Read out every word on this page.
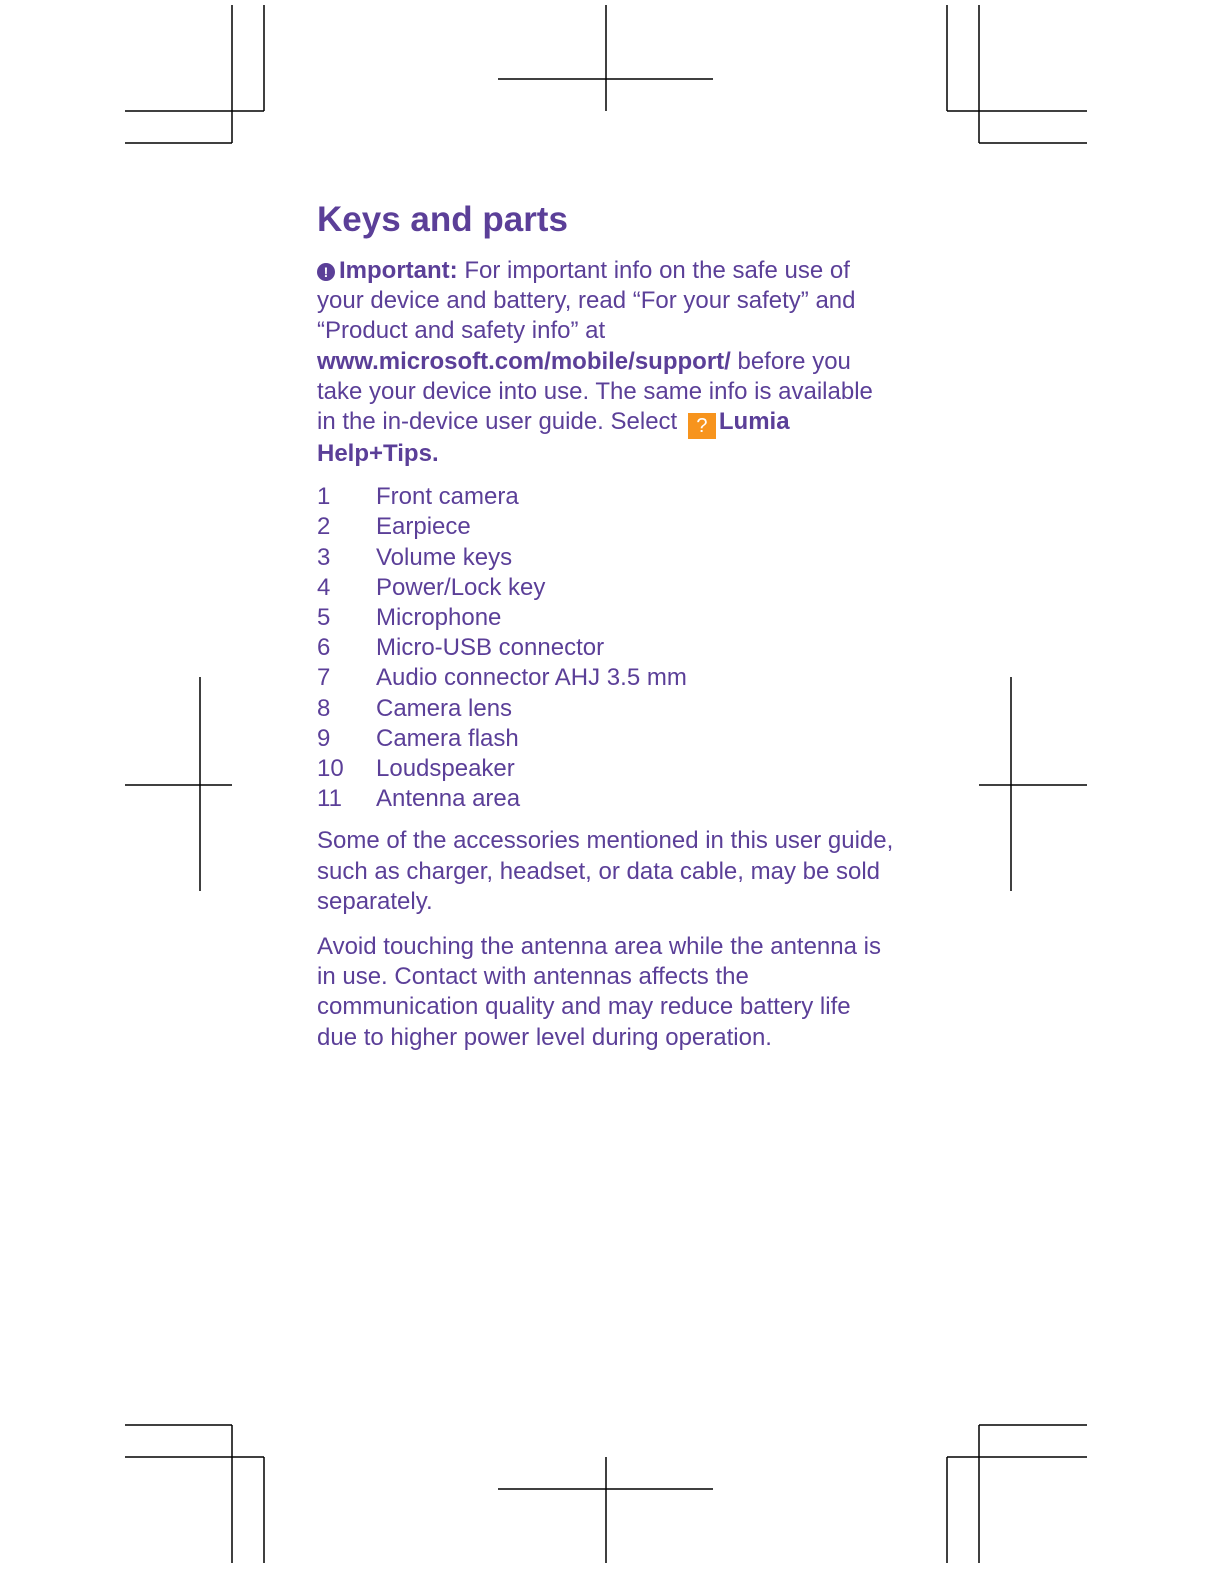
Keys and parts

! Important: For important info on the safe use of your device and battery, read “For your safety” and “Product and safety info” at www.microsoft.com/mobile/support/ before you take your device into use. The same info is available in the in-device user guide. Select ? Lumia Help+Tips.

1	Front camera
2	Earpiece
3	Volume keys
4	Power/Lock key
5	Microphone
6	Micro-USB connector
7	Audio connector AHJ 3.5 mm
8	Camera lens
9	Camera flash
10	Loudspeaker
11	Antenna area

Some of the accessories mentioned in this user guide, such as charger, headset, or data cable, may be sold separately.

Avoid touching the antenna area while the antenna is in use. Contact with antennas affects the communication quality and may reduce battery life due to higher power level during operation.
